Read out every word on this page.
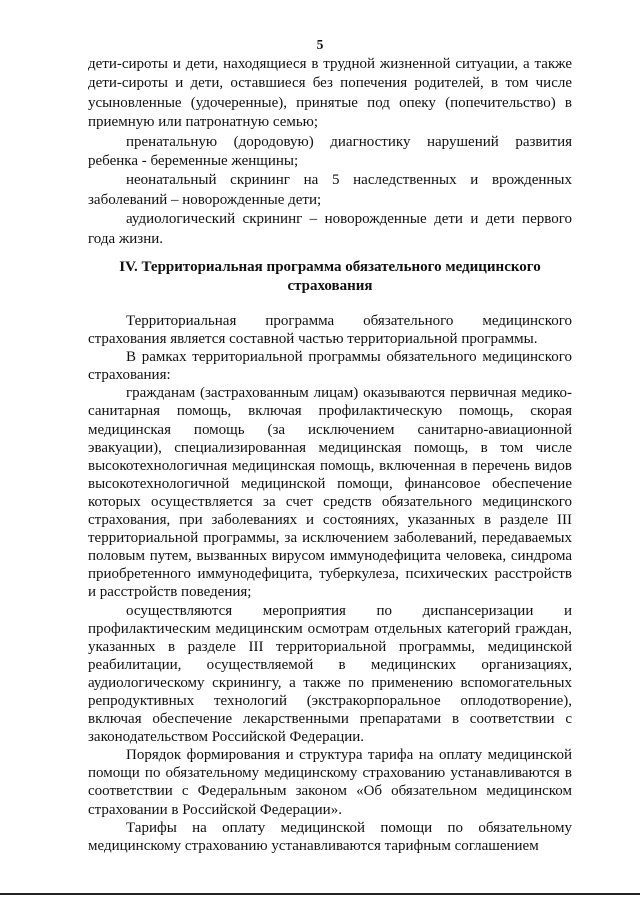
5

дети-сироты и дети, находящиеся в трудной жизненной ситуации, а также дети-сироты и дети, оставшиеся без попечения родителей, в том числе усыновленные (удочеренные), принятые под опеку (попечительство) в приемную или патронатную семью;

пренатальную (дородовую) диагностику нарушений развития ребенка - беременные женщины;

неонатальный скрининг на 5 наследственных и врожденных заболеваний – новорожденные дети;

аудиологический скрининг – новорожденные дети и дети первого года жизни.

IV. Территориальная программа обязательного медицинского страхования

Территориальная программа обязательного медицинского страхования является составной частью территориальной программы.

В рамках территориальной программы обязательного медицинского страхования:

гражданам (застрахованным лицам) оказываются первичная медико-санитарная помощь, включая профилактическую помощь, скорая медицинская помощь (за исключением санитарно-авиационной эвакуации), специализированная медицинская помощь, в том числе высокотехнологичная медицинская помощь, включенная в перечень видов высокотехнологичной медицинской помощи, финансовое обеспечение которых осуществляется за счет средств обязательного медицинского страхования, при заболеваниях и состояниях, указанных в разделе III территориальной программы, за исключением заболеваний, передаваемых половым путем, вызванных вирусом иммунодефицита человека, синдрома приобретенного иммунодефицита, туберкулеза, психических расстройств и расстройств поведения;

осуществляются мероприятия по диспансеризации и профилактическим медицинским осмотрам отдельных категорий граждан, указанных в разделе III территориальной программы, медицинской реабилитации, осуществляемой в медицинских организациях, аудиологическому скринингу, а также по применению вспомогательных репродуктивных технологий (экстракорпоральное оплодотворение), включая обеспечение лекарственными препаратами в соответствии с законодательством Российской Федерации.

Порядок формирования и структура тарифа на оплату медицинской помощи по обязательному медицинскому страхованию устанавливаются в соответствии с Федеральным законом «Об обязательном медицинском страховании в Российской Федерации».

Тарифы на оплату медицинской помощи по обязательному медицинскому страхованию устанавливаются тарифным соглашением
